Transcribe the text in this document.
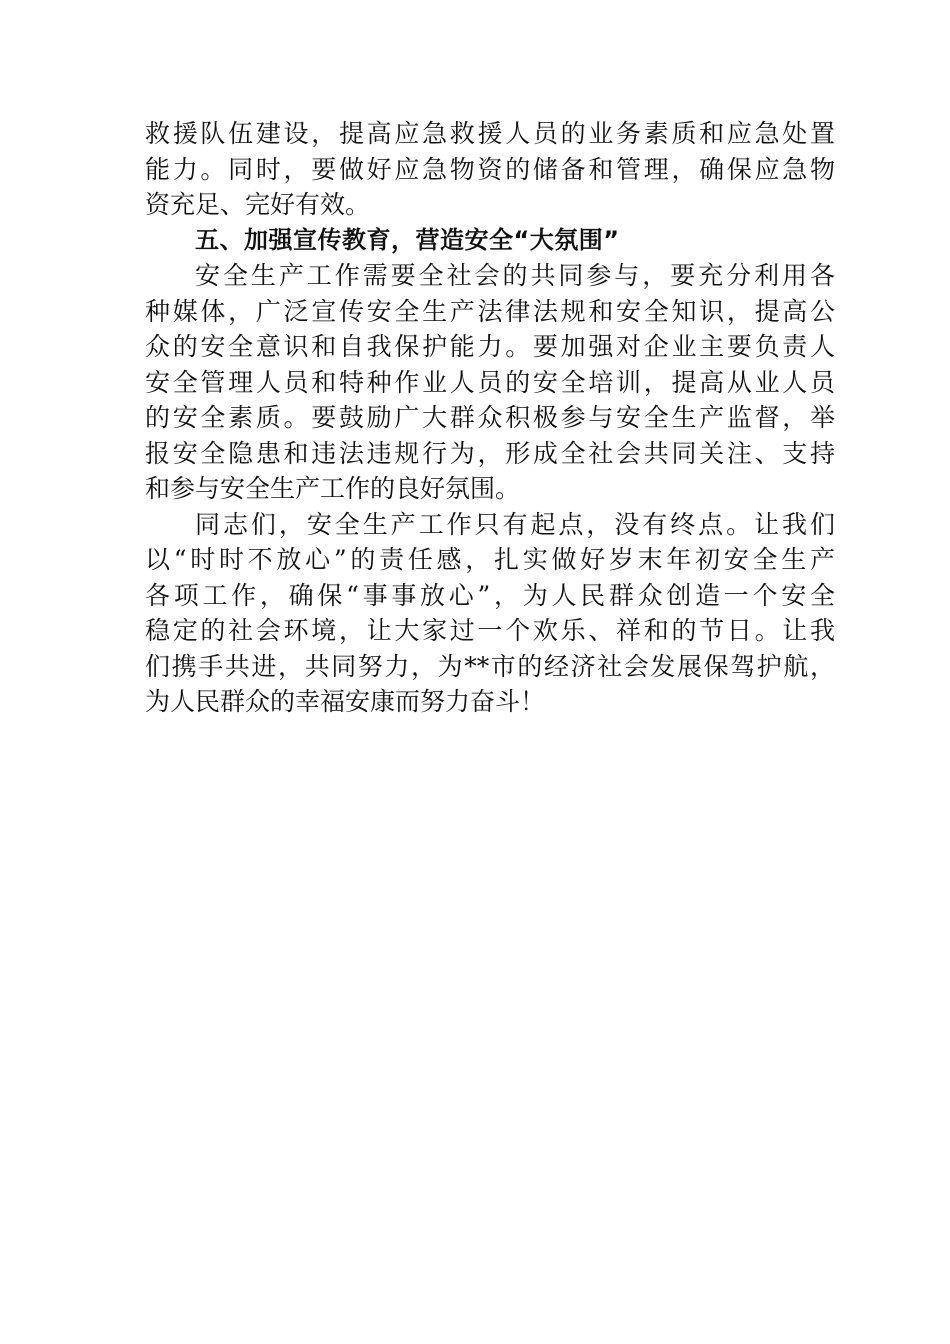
救援队伍建设，提高应急救援人员的业务素质和应急处置
能力。同时，要做好应急物资的储备和管理，确保应急物
资充足、完好有效。
五、加强宣传教育，营造安全“大氛围”
安全生产工作需要全社会的共同参与，要充分利用各
种媒体，广泛宣传安全生产法律法规和安全知识，提高公
众的安全意识和自我保护能力。要加强对企业主要负责人
安全管理人员和特种作业人员的安全培训，提高从业人员
的安全素质。要鼓励广大群众积极参与安全生产监督，举
报安全隐患和违法违规行为，形成全社会共同关注、支持
和参与安全生产工作的良好氛围。
同志们，安全生产工作只有起点，没有终点。让我们
以“时时不放心”的责任感，扎实做好岁末年初安全生产
各项工作，确保“事事放心”，为人民群众创造一个安全
稳定的社会环境，让大家过一个欢乐、祥和的节日。让我
们携手共进，共同努力，为**市的经济社会发展保驾护航，
为人民群众的幸福安康而努力奋斗！
